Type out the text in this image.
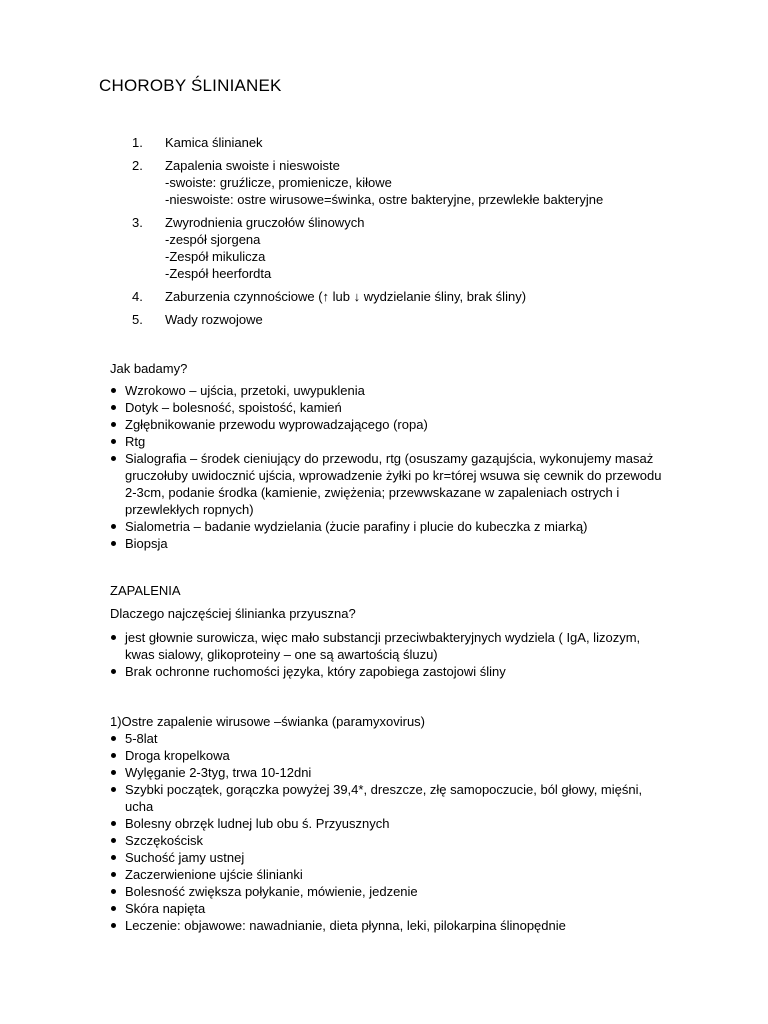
CHOROBY ŚLINIANEK
1. Kamica ślinianek
2. Zapalenia swoiste i nieswoiste
-swoiste: gruźlicze, promienicze, kiłowe
-nieswoiste: ostre wirusowe=świnka, ostre bakteryjne, przewlekłe bakteryjne
3. Zwyrodnienia gruczołów ślinowych
-zespół sjorgena
-Zespół mikulicza
-Zespół heerfordta
4. Zaburzenia czynnościowe (↑ lub ↓ wydzielanie śliny, brak śliny)
5. Wady rozwojowe

Jak badamy?

Wzrokowo – ujścia, przetoki, uwypuklenia
Dotyk – bolesność, spoistość, kamień
Zgłębnikowanie przewodu wyprowadzającego (ropa)
Rtg
Sialografia – środek cieniujący do przewodu, rtg (osuszamy gaząujścia, wykonujemy masaż gruczołuby uwidocznić ujścia, wprowadzenie żyłki po kr=tórej wsuwa się cewnik do przewodu 2-3cm, podanie środka (kamienie, zwiężenia; przewwskazane w zapaleniach ostrych i przewlekłych ropnych)
Sialometria – badanie wydzielania (żucie parafiny i plucie do kubeczka z miarką)
Biopsja

ZAPALENIA

Dlaczego najczęściej ślinianka przyuszna?

jest głownie surowicza, więc mało substancji przeciwbakteryjnych wydziela ( IgA, lizozym, kwas sialowy, glikoproteiny – one są awartością śluzu)
Brak ochronne ruchomości języka, który zapobiega zastojowi śliny

1)Ostre zapalenie wirusowe –świanka (paramyxovirus)

5-8lat
Droga kropelkowa
Wylęganie 2-3tyg, trwa 10-12dni
Szybki początek, gorączka powyżej 39,4*, dreszcze, złę samopoczucie, ból głowy, mięśni, ucha
Bolesny obrzęk ludnej lub obu ś. Przyusznych
Szczękościsk
Suchość jamy ustnej
Zaczerwienione ujście ślinianki
Bolesność zwiększa połykanie, mówienie, jedzenie
Skóra napięta
Leczenie: objawowe: nawadnianie, dieta płynna, leki, pilokarpina ślinopędnie
